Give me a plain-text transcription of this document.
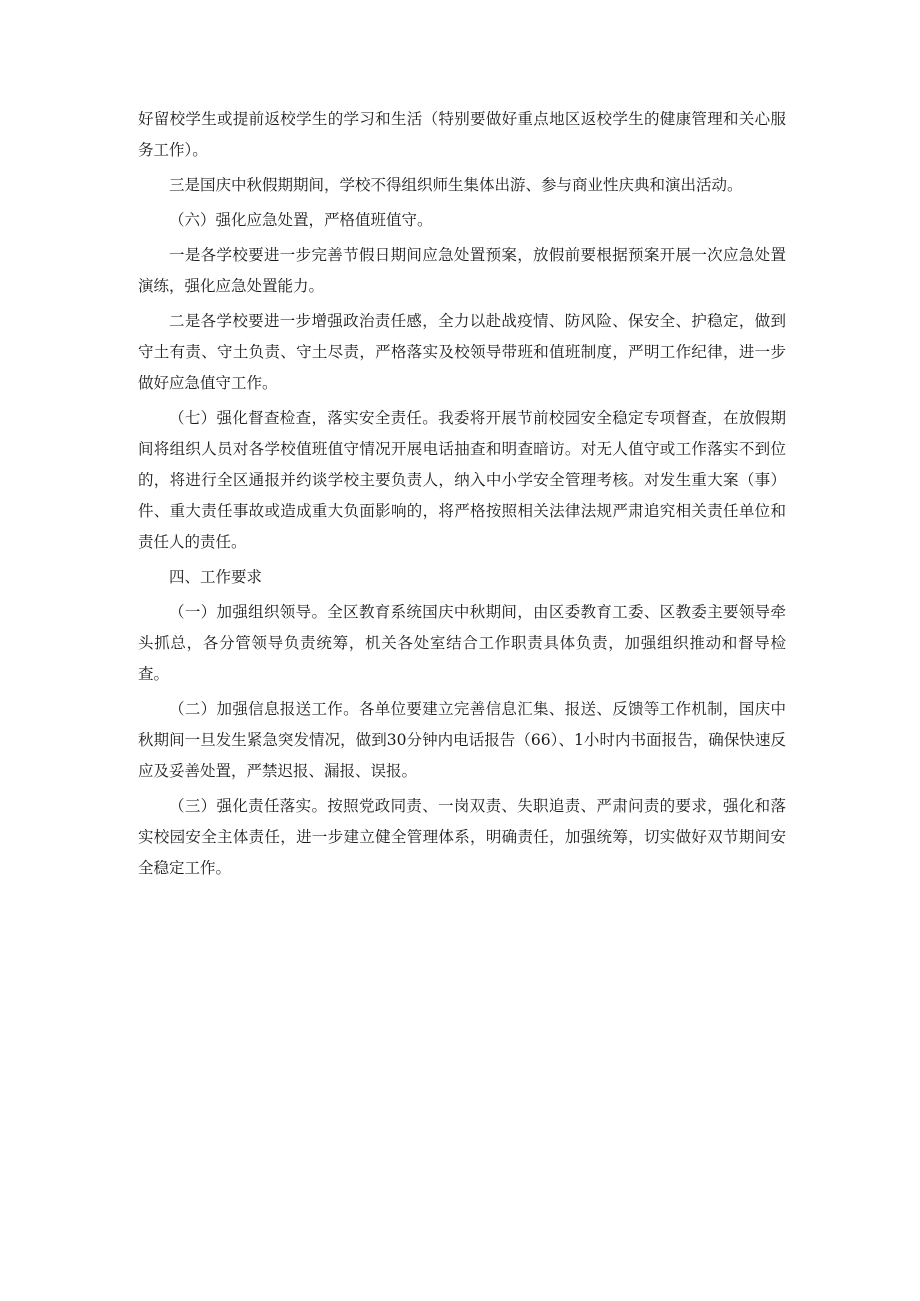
好留校学生或提前返校学生的学习和生活（特别要做好重点地区返校学生的健康管理和关心服务工作）。

三是国庆中秋假期期间，学校不得组织师生集体出游、参与商业性庆典和演出活动。

（六）强化应急处置，严格值班值守。

一是各学校要进一步完善节假日期间应急处置预案，放假前要根据预案开展一次应急处置演练，强化应急处置能力。

二是各学校要进一步增强政治责任感，全力以赴战疫情、防风险、保安全、护稳定，做到守土有责、守土负责、守土尽责，严格落实及校领导带班和值班制度，严明工作纪律，进一步做好应急值守工作。

（七）强化督查检查，落实安全责任。我委将开展节前校园安全稳定专项督查，在放假期间将组织人员对各学校值班值守情况开展电话抽查和明查暗访。对无人值守或工作落实不到位的，将进行全区通报并约谈学校主要负责人，纳入中小学安全管理考核。对发生重大案（事）件、重大责任事故或造成重大负面影响的，将严格按照相关法律法规严肃追究相关责任单位和责任人的责任。

四、工作要求

（一）加强组织领导。全区教育系统国庆中秋期间，由区委教育工委、区教委主要领导牵头抓总，各分管领导负责统筹，机关各处室结合工作职责具体负责，加强组织推动和督导检查。

（二）加强信息报送工作。各单位要建立完善信息汇集、报送、反馈等工作机制，国庆中秋期间一旦发生紧急突发情况，做到30分钟内电话报告（66）、1小时内书面报告，确保快速反应及妥善处置，严禁迟报、漏报、误报。

（三）强化责任落实。按照党政同责、一岗双责、失职追责、严肃问责的要求，强化和落实校园安全主体责任，进一步建立健全管理体系，明确责任，加强统筹，切实做好双节期间安全稳定工作。
